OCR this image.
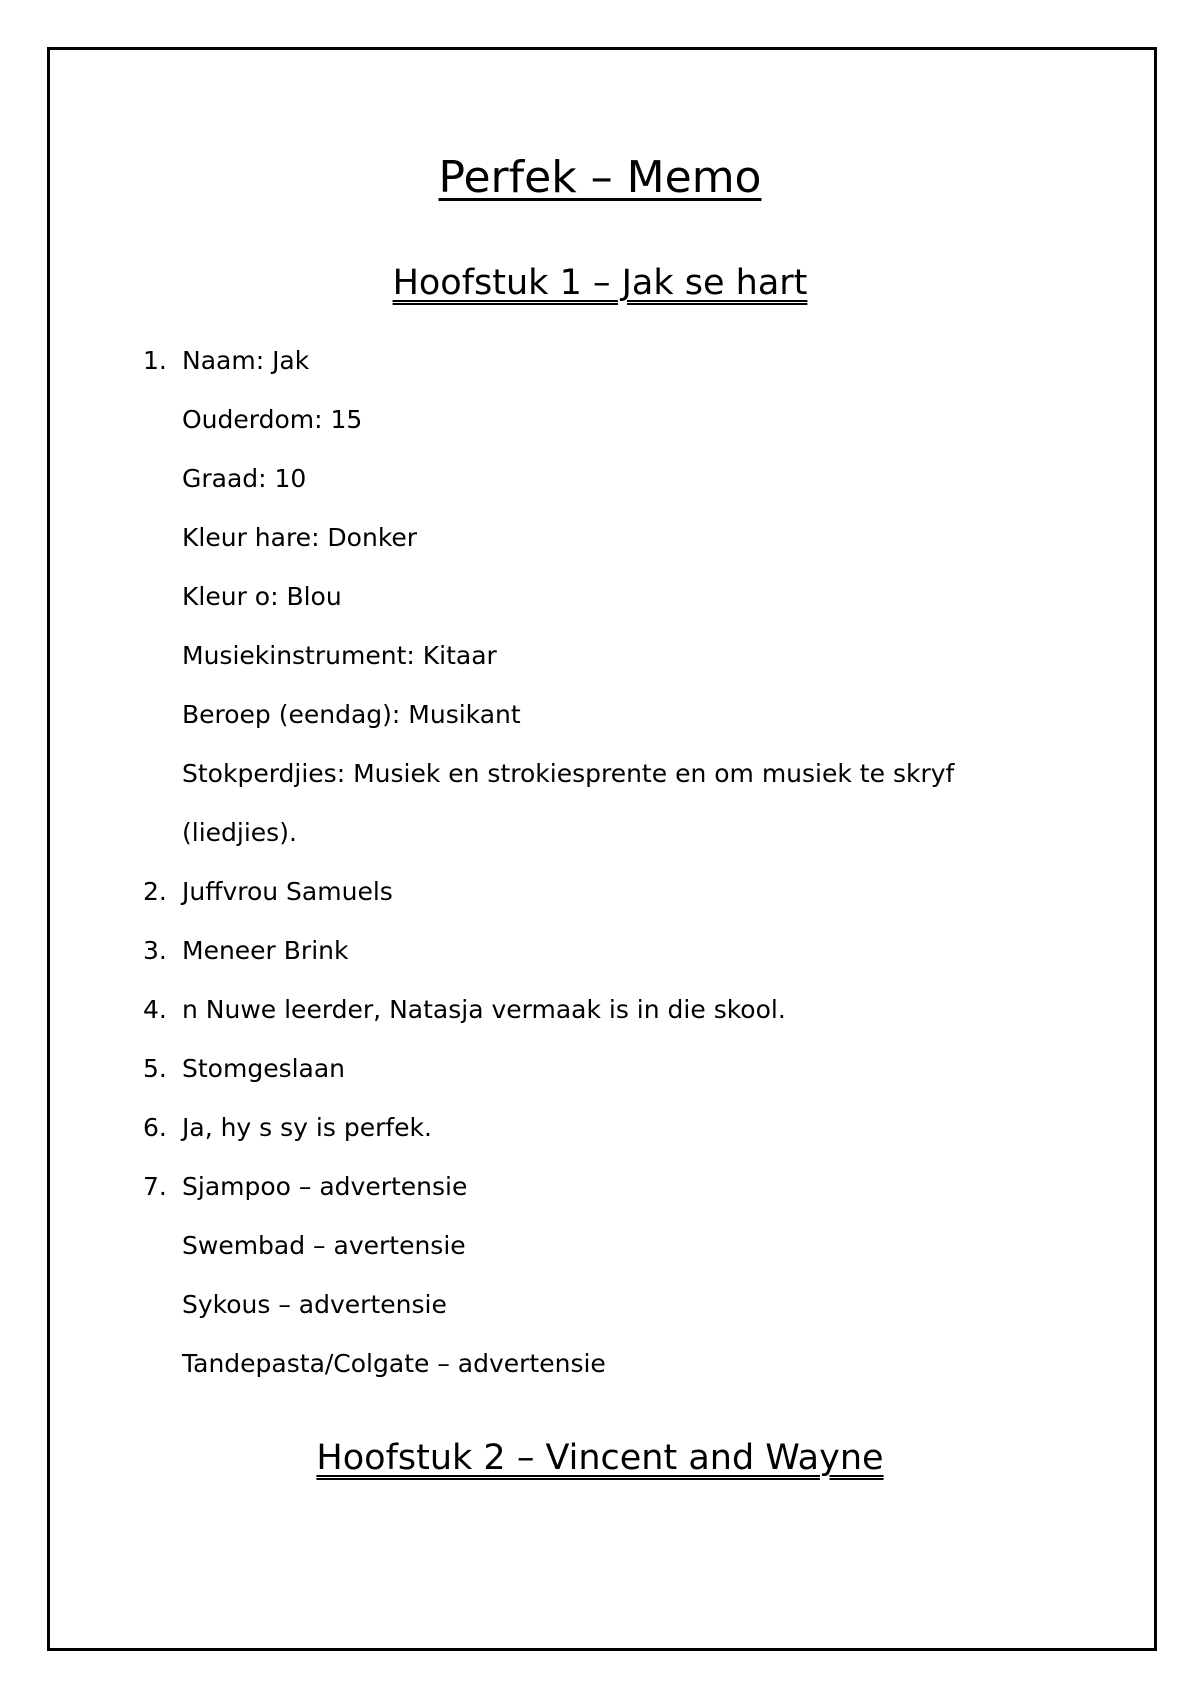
Perfek – Memo
Hoofstuk 1 – Jak se hart
1. Naam: Jak
Ouderdom: 15
Graad: 10
Kleur hare: Donker
Kleur o: Blou
Musiekinstrument: Kitaar
Beroep (eendag): Musikant
Stokperdjies: Musiek en strokiesprente en om musiek te skryf
(liedjies).
2. Juffvrou Samuels
3. Meneer Brink
4. n Nuwe leerder, Natasja vermaak is in die skool.
5. Stomgeslaan
6. Ja, hy s sy is perfek.
7. Sjampoo – advertensie
Swembad – avertensie
Sykous – advertensie
Tandepasta/Colgate – advertensie
Hoofstuk 2 – Vincent and Wayne
